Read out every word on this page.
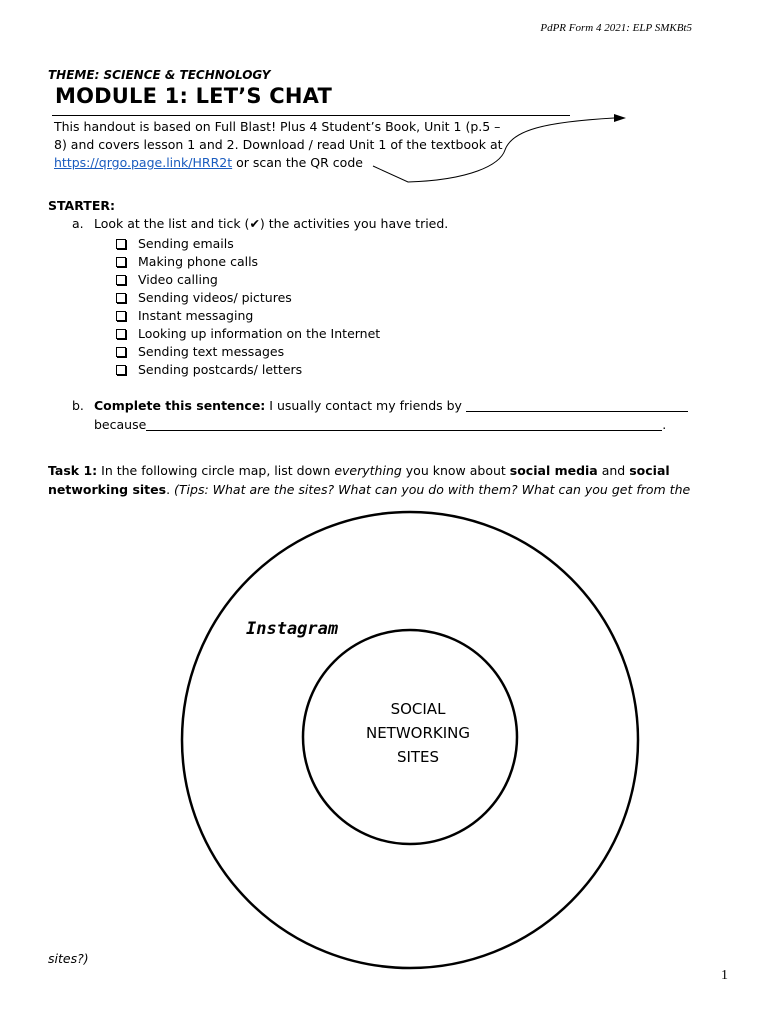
PdPR Form 4 2021: ELP SMKBt5
THEME: SCIENCE & TECHNOLOGY
MODULE 1: LET’S CHAT
This handout is based on Full Blast! Plus 4 Student’s Book, Unit 1 (p.5 –
8) and covers lesson 1 and 2. Download / read Unit 1 of the textbook at
https://qrgo.page.link/HRR2t or scan the QR code
STARTER:
a. Look at the list and tick (✔) the activities you have tried.
Sending emails
Making phone calls
Video calling
Sending videos/ pictures
Instant messaging
Looking up information on the Internet
Sending text messages
Sending postcards/ letters
b. Complete this sentence: I usually contact my friends by
because	.
Task 1: In the following circle map, list down everything you know about social media and social networking sites. (Tips: What are the sites? What can you do with them? What can you get from the
Instagram
SOCIAL
NETWORKING
SITES
sites?)
1
